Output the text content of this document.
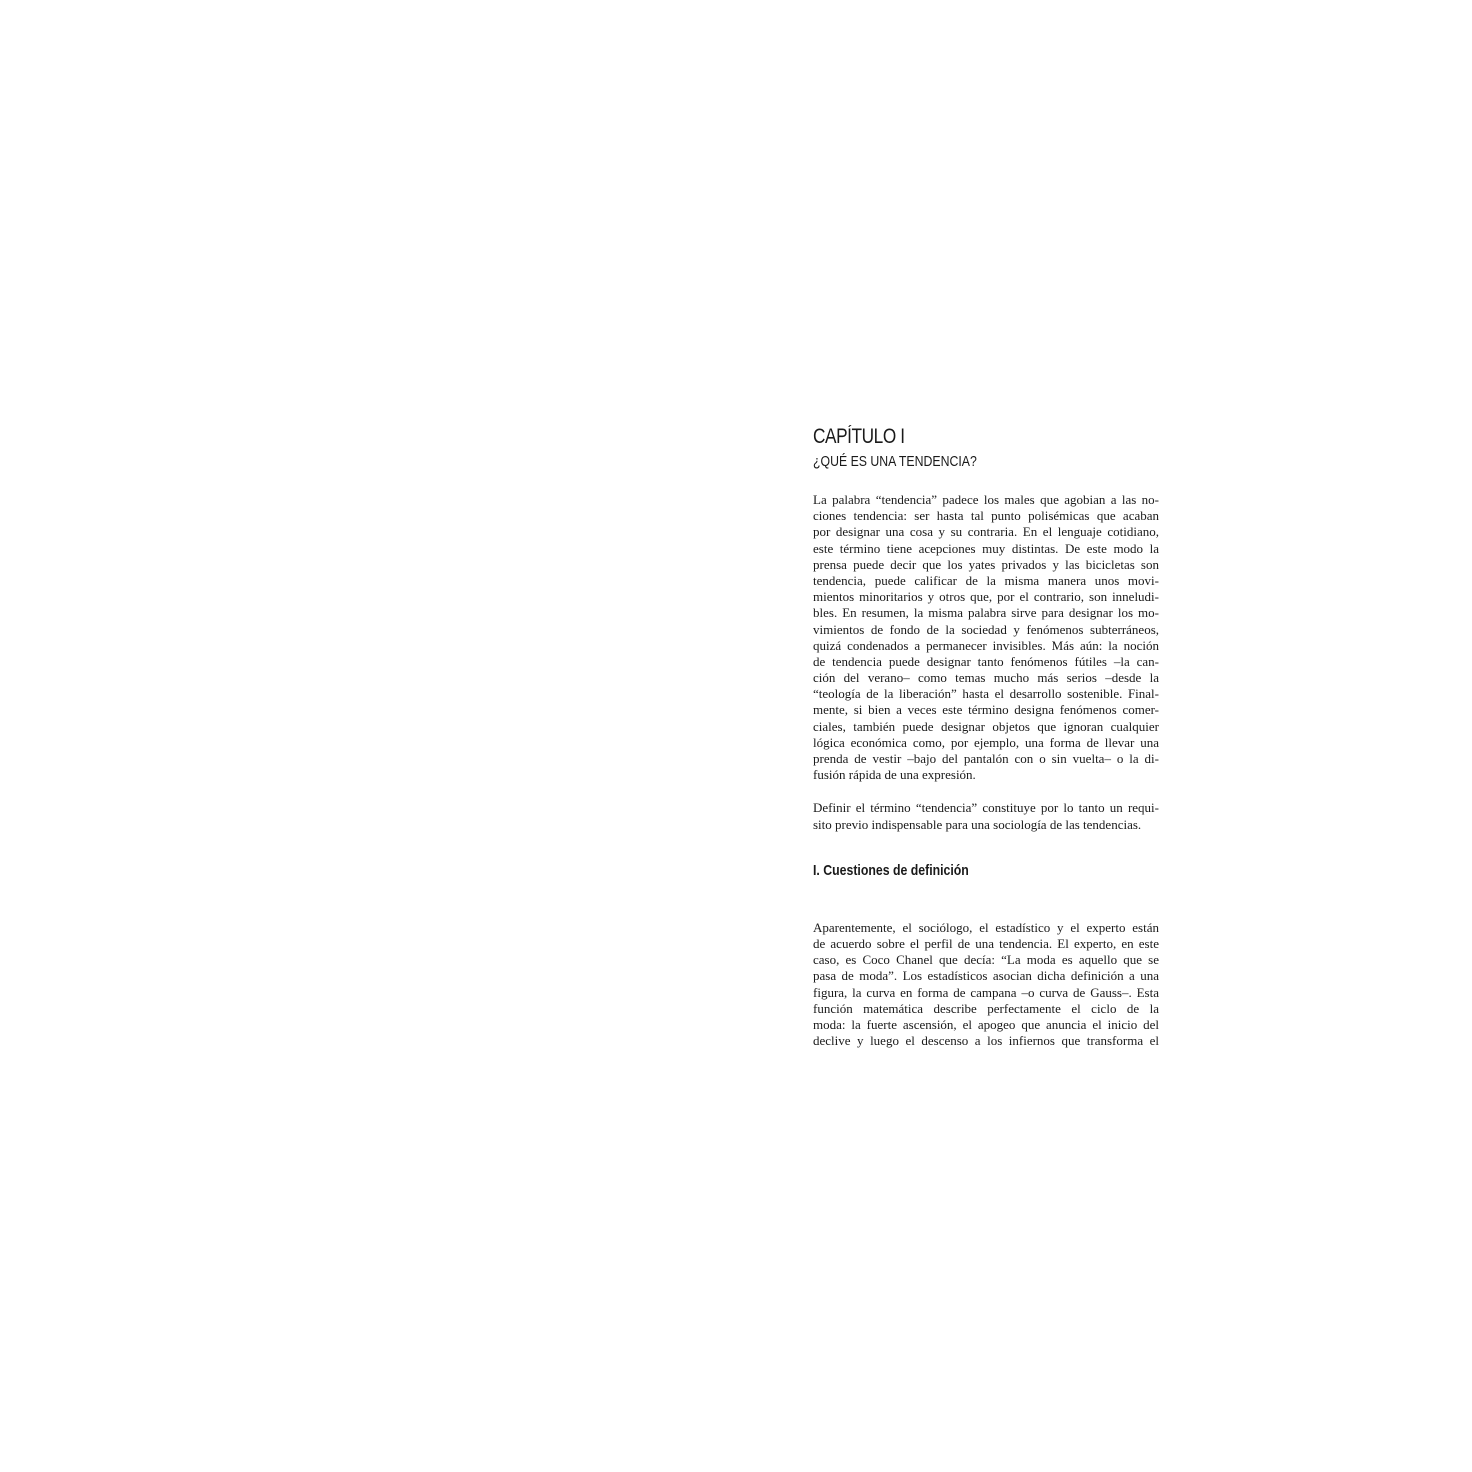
CAPÍTULO I
¿QUÉ ES UNA TENDENCIA?

La palabra “tendencia” padece los males que agobian a las no-
ciones tendencia: ser hasta tal punto polisémicas que acaban
por designar una cosa y su contraria. En el lenguaje cotidiano,
este término tiene acepciones muy distintas. De este modo la
prensa puede decir que los yates privados y las bicicletas son
tendencia, puede calificar de la misma manera unos movi-
mientos minoritarios y otros que, por el contrario, son inneludi-
bles. En resumen, la misma palabra sirve para designar los mo-
vimientos de fondo de la sociedad y fenómenos subterráneos,
quizá condenados a permanecer invisibles. Más aún: la noción
de tendencia puede designar tanto fenómenos fútiles –la can-
ción del verano– como temas mucho más serios –desde la
“teología de la liberación” hasta el desarrollo sostenible. Final-
mente, si bien a veces este término designa fenómenos comer-
ciales, también puede designar objetos que ignoran cualquier
lógica económica como, por ejemplo, una forma de llevar una
prenda de vestir –bajo del pantalón con o sin vuelta– o la di-
fusión rápida de una expresión.

Definir el término “tendencia” constituye por lo tanto un requi-
sito previo indispensable para una sociología de las tendencias.

I. Cuestiones de definición

Aparentemente, el sociólogo, el estadístico y el experto están
de acuerdo sobre el perfil de una tendencia. El experto, en este
caso, es Coco Chanel que decía: “La moda es aquello que se
pasa de moda”. Los estadísticos asocian dicha definición a una
figura, la curva en forma de campana –o curva de Gauss–. Esta
función matemática describe perfectamente el ciclo de la
moda: la fuerte ascensión, el apogeo que anuncia el inicio del
declive y luego el descenso a los infiernos que transforma el
